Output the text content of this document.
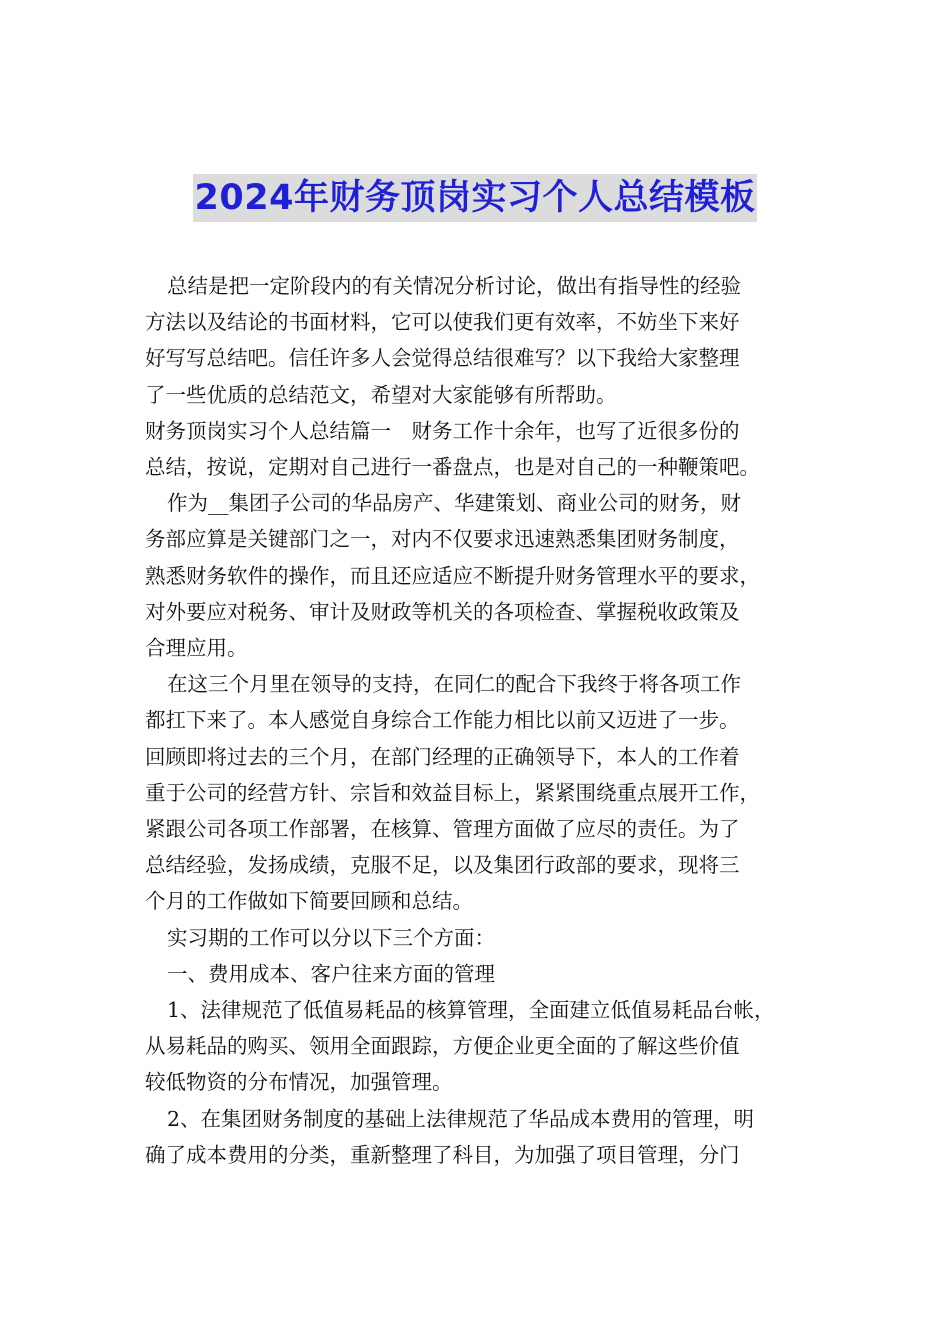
2024年财务顶岗实习个人总结模板
总结是把一定阶段内的有关情况分析讨论，做出有指导性的经验
方法以及结论的书面材料，它可以使我们更有效率，不妨坐下来好
好写写总结吧。信任许多人会觉得总结很难写？以下我给大家整理
了一些优质的总结范文，希望对大家能够有所帮助。
财务顶岗实习个人总结篇一　财务工作十余年，也写了近很多份的
总结，按说，定期对自己进行一番盘点，也是对自己的一种鞭策吧。
作为__集团子公司的华品房产、华建策划、商业公司的财务，财
务部应算是关键部门之一，对内不仅要求迅速熟悉集团财务制度，
熟悉财务软件的操作，而且还应适应不断提升财务管理水平的要求，
对外要应对税务、审计及财政等机关的各项检查、掌握税收政策及
合理应用。
在这三个月里在领导的支持，在同仁的配合下我终于将各项工作
都扛下来了。本人感觉自身综合工作能力相比以前又迈进了一步。
回顾即将过去的三个月，在部门经理的正确领导下，本人的工作着
重于公司的经营方针、宗旨和效益目标上，紧紧围绕重点展开工作，
紧跟公司各项工作部署，在核算、管理方面做了应尽的责任。为了
总结经验，发扬成绩，克服不足，以及集团行政部的要求，现将三
个月的工作做如下简要回顾和总结。
实习期的工作可以分以下三个方面：
一、费用成本、客户往来方面的管理
1、法律规范了低值易耗品的核算管理，全面建立低值易耗品台帐，
从易耗品的购买、领用全面跟踪，方便企业更全面的了解这些价值
较低物资的分布情况，加强管理。
2、在集团财务制度的基础上法律规范了华品成本费用的管理，明
确了成本费用的分类，重新整理了科目，为加强了项目管理，分门
